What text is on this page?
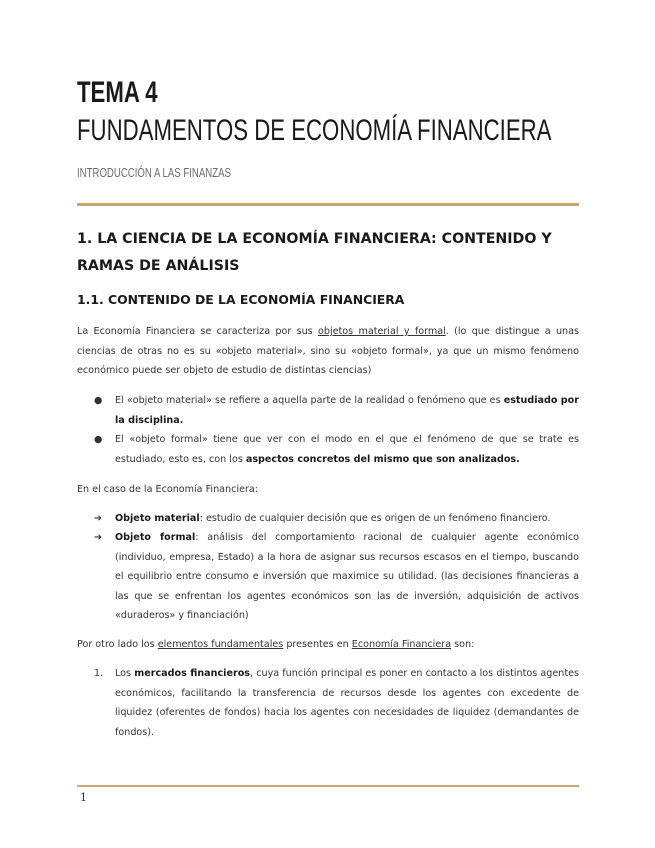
TEMA 4
FUNDAMENTOS DE ECONOMÍA FINANCIERA
INTRODUCCIÓN A LAS FINANZAS
1. LA CIENCIA DE LA ECONOMÍA FINANCIERA: CONTENIDO Y RAMAS DE ANÁLISIS
1.1. CONTENIDO DE LA ECONOMÍA FINANCIERA
La Economía Financiera se caracteriza por sus objetos material y formal. (lo que distingue a unas ciencias de otras no es su «objeto material», sino su «objeto formal», ya que un mismo fenómeno económico puede ser objeto de estudio de distintas ciencias)
●	El «objeto material» se refiere a aquella parte de la realidad o fenómeno que es estudiado por la disciplina.
●	El «objeto formal» tiene que ver con el modo en el que el fenómeno de que se trate es estudiado, esto es, con los aspectos concretos del mismo que son analizados.
En el caso de la Economía Financiera:
➔	Objeto material: estudio de cualquier decisión que es origen de un fenómeno financiero.
➔	Objeto formal: análisis del comportamiento racional de cualquier agente económico (individuo, empresa, Estado) a la hora de asignar sus recursos escasos en el tiempo, buscando el equilibrio entre consumo e inversión que maximice su utilidad. (las decisiones financieras a las que se enfrentan los agentes económicos son las de inversión, adquisición de activos «duraderos» y financiación)
Por otro lado los elementos fundamentales presentes en Economía Financiera son:
1.	Los mercados financieros, cuya función principal es poner en contacto a los distintos agentes económicos, facilitando la transferencia de recursos desde los agentes con excedente de liquidez (oferentes de fondos) hacia los agentes con necesidades de liquidez (demandantes de fondos).
1
